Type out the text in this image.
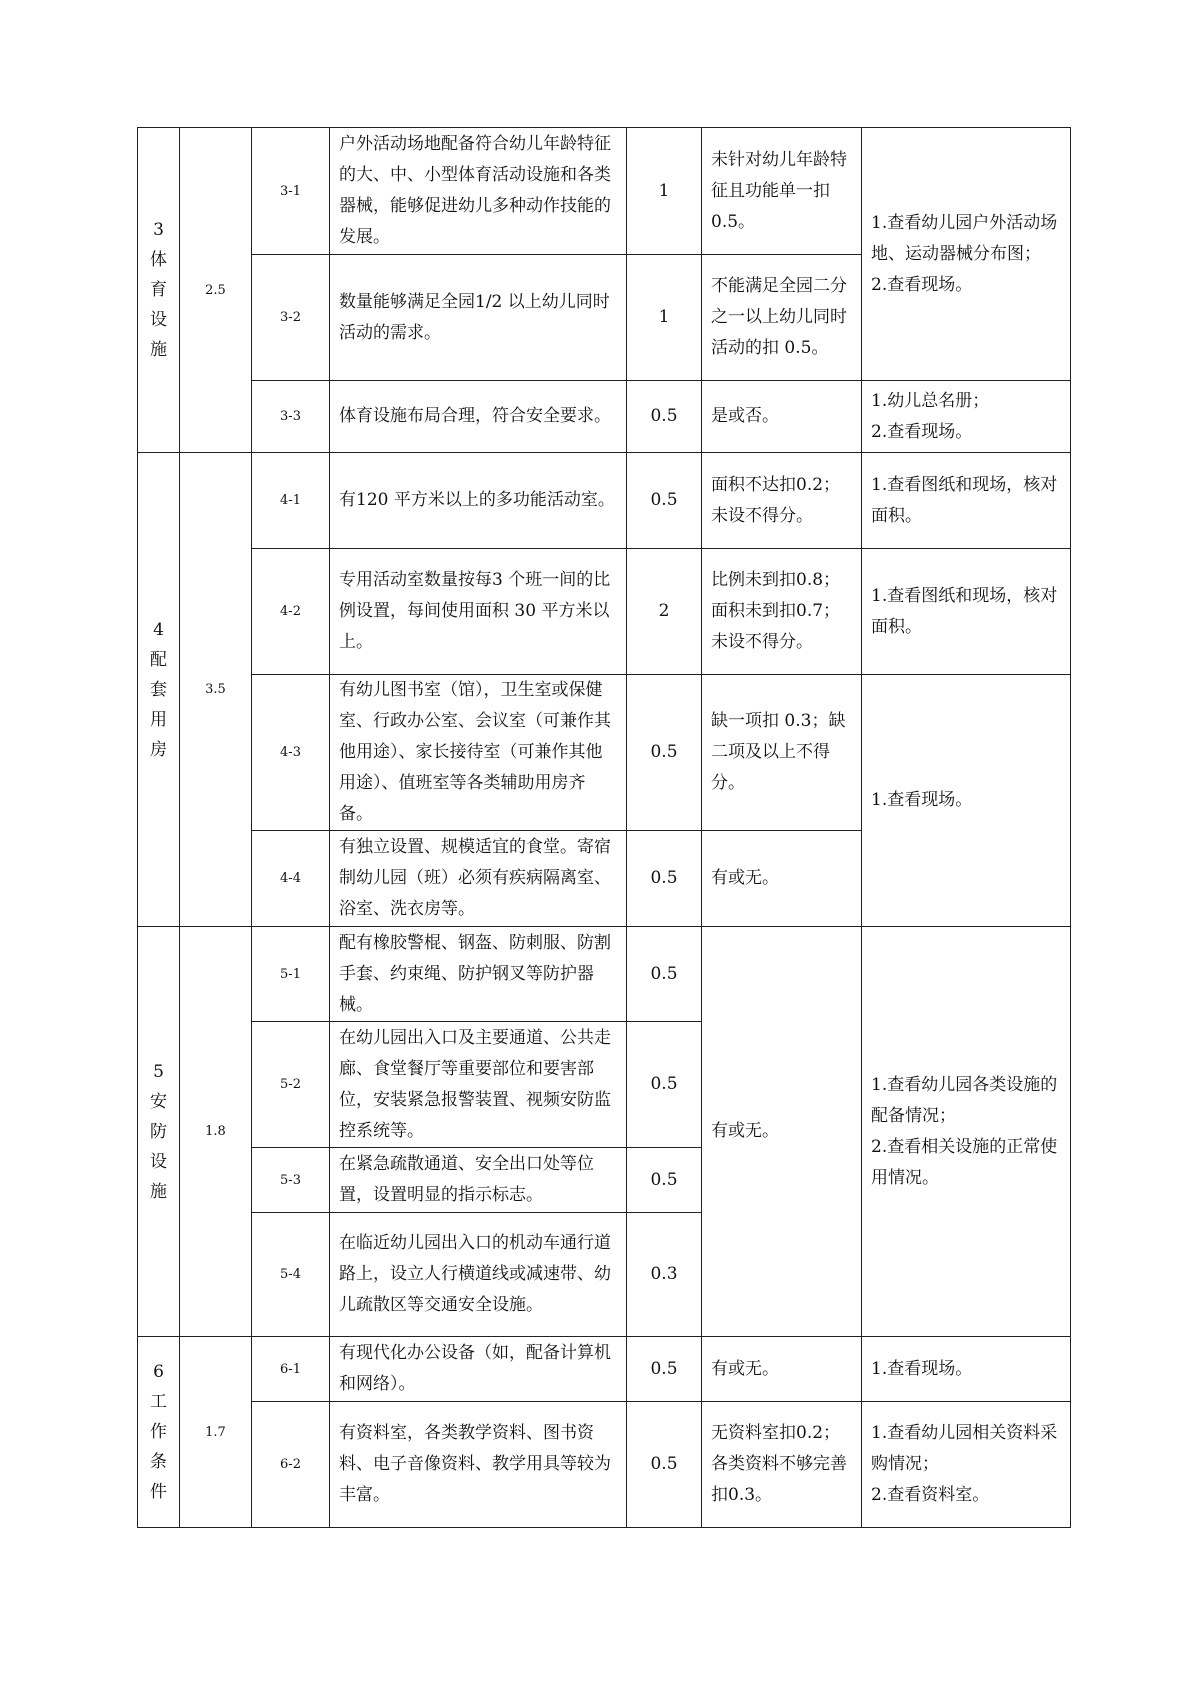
3
体
育
设
施	2.5	3-1	户外活动场地配备符合幼儿年龄特征的大、中、小型体育活动设施和各类器械，能够促进幼儿多种动作技能的发展。	1	未针对幼儿年龄特征且功能单一扣 0.5。	1.查看幼儿园户外活动场地、运动器械分布图；
2.查看现场。
		3-2	数量能够满足全园1/2 以上幼儿同时活动的需求。	1	不能满足全园二分之一以上幼儿同时活动的扣 0.5。	
		3-3	体育设施布局合理，符合安全要求。	0.5	是或否。	1.幼儿总名册；
2.查看现场。

4
配
套
用
房	3.5	4-1	有120 平方米以上的多功能活动室。	0.5	面积不达扣0.2；未设不得分。	1.查看图纸和现场，核对面积。
		4-2	专用活动室数量按每3 个班一间的比例设置，每间使用面积 30 平方米以上。	2	比例未到扣0.8；面积未到扣0.7；未设不得分。	1.查看图纸和现场，核对面积。
		4-3	有幼儿图书室（馆），卫生室或保健室、行政办公室、会议室（可兼作其他用途）、家长接待室（可兼作其他用途）、值班室等各类辅助用房齐备。	0.5	缺一项扣 0.3；缺二项及以上不得分。	1.查看现场。
		4-4	有独立设置、规模适宜的食堂。寄宿制幼儿园（班）必须有疾病隔离室、浴室、洗衣房等。	0.5	有或无。	

5
安
防
设
施	1.8	5-1	配有橡胶警棍、钢盔、防刺服、防割手套、约束绳、防护钢叉等防护器械。	0.5	有或无。	1.查看幼儿园各类设施的配备情况；
2.查看相关设施的正常使用情况。
		5-2	在幼儿园出入口及主要通道、公共走廊、食堂餐厅等重要部位和要害部位，安装紧急报警装置、视频安防监控系统等。	0.5		
		5-3	在紧急疏散通道、安全出口处等位置，设置明显的指示标志。	0.5		
		5-4	在临近幼儿园出入口的机动车通行道路上，设立人行横道线或减速带、幼儿疏散区等交通安全设施。	0.3		

6
工
作
条
件	1.7	6-1	有现代化办公设备（如，配备计算机和网络）。	0.5	有或无。	1.查看现场。
		6-2	有资料室，各类教学资料、图书资料、电子音像资料、教学用具等较为丰富。	0.5	无资料室扣0.2；各类资料不够完善扣0.3。	1.查看幼儿园相关资料采购情况；
2.查看资料室。
